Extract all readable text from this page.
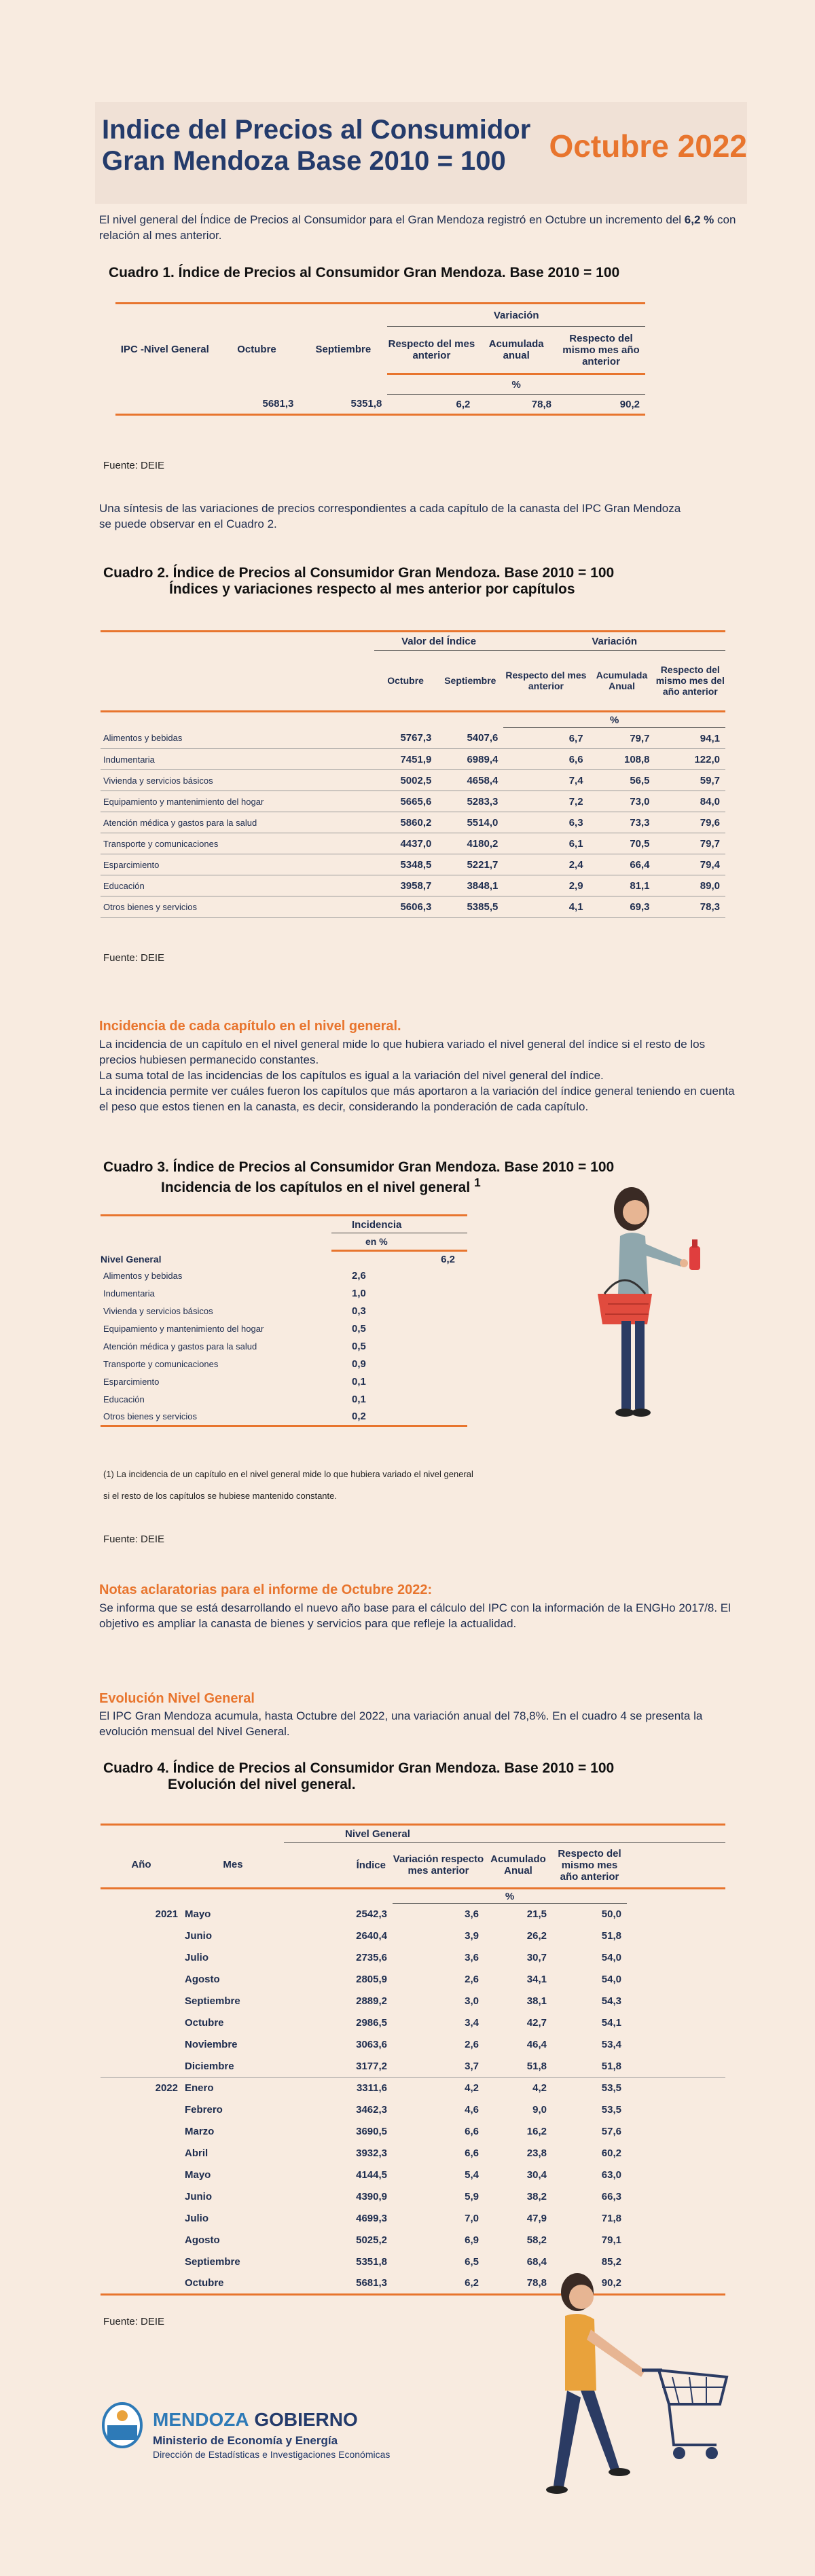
Indice del Precios al Consumidor
Gran Mendoza Base 2010 = 100	Octubre 2022
El nivel general del Índice de Precios al Consumidor para el Gran Mendoza registró en Octubre un incremento del 6,2 % con relación al mes anterior.
Cuadro 1. Índice de Precios al Consumidor Gran Mendoza. Base 2010 = 100
IPC -Nivel General	Octubre	Septiembre	Variación		
			Respecto del mes anterior	Acumulada anual	Respecto del mismo mes año anterior
			%		
	5681,3	5351,8	6,2	78,8	90,2
Fuente: DEIE
Una síntesis de las variaciones de precios correspondientes a cada capítulo de la canasta del IPC Gran Mendoza se puede observar en el Cuadro 2.
Cuadro 2. Índice de Precios al Consumidor Gran Mendoza. Base 2010 = 100
Índices y variaciones respecto al mes anterior por capítulos
	Valor del Índice		Variación		
	Octubre	Septiembre	Respecto del mes anterior	Acumulada Anual	Respecto del mismo mes del año anterior
			%		
Alimentos y bebidas	5767,3	5407,6	6,7	79,7	94,1
Indumentaria	7451,9	6989,4	6,6	108,8	122,0
Vivienda y servicios básicos	5002,5	4658,4	7,4	56,5	59,7
Equipamiento y mantenimiento del hogar	5665,6	5283,3	7,2	73,0	84,0
Atención médica y gastos para la salud	5860,2	5514,0	6,3	73,3	79,6
Transporte y comunicaciones	4437,0	4180,2	6,1	70,5	79,7
Esparcimiento	5348,5	5221,7	2,4	66,4	79,4
Educación	3958,7	3848,1	2,9	81,1	89,0
Otros bienes y servicios	5606,3	5385,5	4,1	69,3	78,3
Fuente: DEIE
Incidencia de cada capítulo en el nivel general.
La incidencia de un capítulo en el nivel general mide lo que hubiera variado el nivel general del índice si el resto de los precios hubiesen permanecido constantes.
La suma total de las incidencias de los capítulos es igual a la variación del nivel general del índice.
La incidencia permite ver cuáles fueron los capítulos que más aportaron a la variación del índice general teniendo en cuenta el peso que estos tienen en la canasta, es decir, considerando la ponderación de cada capítulo.
Cuadro 3. Índice de Precios al Consumidor Gran Mendoza. Base 2010 = 100
Incidencia de los capítulos en el nivel general $^1$
	Incidencia	
	en %	
Nivel General		6,2
Alimentos y bebidas	2,6	
Indumentaria	1,0	
Vivienda y servicios básicos	0,3	
Equipamiento y mantenimiento del hogar	0,5	
Atención médica y gastos para la salud	0,5	
Transporte y comunicaciones	0,9	
Esparcimiento	0,1	
Educación	0,1	
Otros bienes y servicios	0,2	
(1) La incidencia de un capítulo en el nivel general mide lo que hubiera variado el nivel general
si el resto de los capítulos se hubiese mantenido constante.
Fuente: DEIE
Notas aclaratorias para el informe de Octubre 2022:
Se informa que se está desarrollando el nuevo año base para el cálculo del IPC con la información de la ENGHo 2017/8. El objetivo es ampliar la canasta de bienes y servicios para que refleje la actualidad.
Evolución Nivel General
El IPC Gran Mendoza acumula, hasta Octubre del 2022, una variación anual del 78,8%. En el cuadro 4 se presenta la evolución mensual del Nivel General.
Cuadro 4. Índice de Precios al Consumidor Gran Mendoza. Base 2010 = 100
Evolución del nivel general.
		Nivel General				
Año	Mes	Índice	Variación respecto mes anterior	Acumulado Anual	Respecto del mismo mes año anterior	
			%			
2021	Mayo	2542,3	3,6	21,5	50,0	
	Junio	2640,4	3,9	26,2	51,8	
	Julio	2735,6	3,6	30,7	54,0	
	Agosto	2805,9	2,6	34,1	54,0	
	Septiembre	2889,2	3,0	38,1	54,3	
	Octubre	2986,5	3,4	42,7	54,1	
	Noviembre	3063,6	2,6	46,4	53,4	
	Diciembre	3177,2	3,7	51,8	51,8	
2022	Enero	3311,6	4,2	4,2	53,5	
	Febrero	3462,3	4,6	9,0	53,5	
	Marzo	3690,5	6,6	16,2	57,6	
	Abril	3932,3	6,6	23,8	60,2	
	Mayo	4144,5	5,4	30,4	63,0	
	Junio	4390,9	5,9	38,2	66,3	
	Julio	4699,3	7,0	47,9	71,8	
	Agosto	5025,2	6,9	58,2	79,1	
	Septiembre	5351,8	6,5	68,4	85,2	
	Octubre	5681,3	6,2	78,8	90,2	
Fuente: DEIE
MENDOZA GOBIERNO
Ministerio de Economía y Energía
Dirección de Estadísticas e Investigaciones Económicas
